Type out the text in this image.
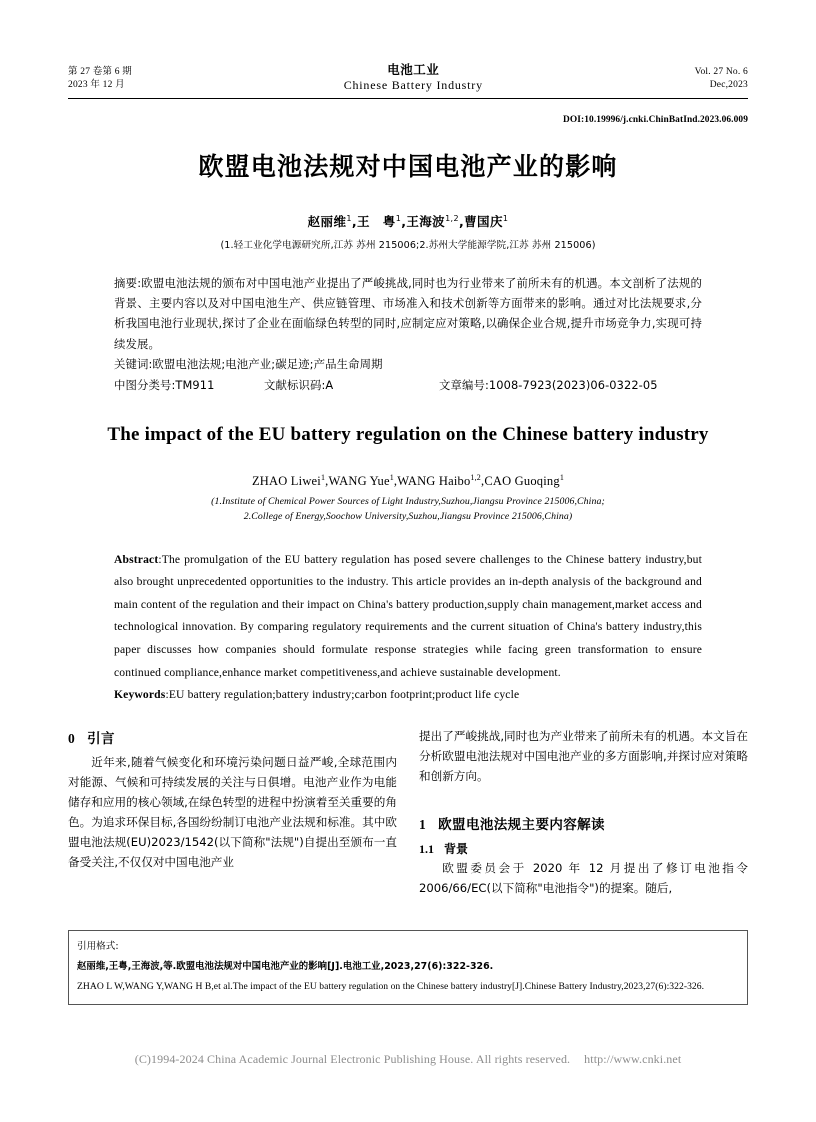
第 27 卷第 6 期
2023 年 12 月
电池工业
Chinese Battery Industry
Vol. 27 No. 6
Dec,2023
DOI:10.19996/j.cnki.ChinBatInd.2023.06.009
欧盟电池法规对中国电池产业的影响
赵丽维$^1$,王　粤$^1$,王海波$^{1,2}$,曹国庆$^1$
(1.轻工业化学电源研究所,江苏 苏州 215006;2.苏州大学能源学院,江苏 苏州 215006)

摘要:欧盟电池法规的颁布对中国电池产业提出了严峻挑战,同时也为行业带来了前所未有的机遇。本文剖析了法规的背景、主要内容以及对中国电池生产、供应链管理、市场准入和技术创新等方面带来的影响。通过对比法规要求,分析我国电池行业现状,探讨了企业在面临绿色转型的同时,应制定应对策略,以确保企业合规,提升市场竞争力,实现可持续发展。

关键词:欧盟电池法规;电池产业;碳足迹;产品生命周期

中图分类号:TM911	文献标识码:A	文章编号:1008-7923(2023)06-0322-05
The impact of the EU battery regulation on the Chinese battery industry
ZHAO Liwei$^1$,WANG Yue$^1$,WANG Haibo$^{1,2}$,CAO Guoqing$^1$
(1.Institute of Chemical Power Sources of Light Industry,Suzhou,Jiangsu Province 215006,China;
2.College of Energy,Soochow University,Suzhou,Jiangsu Province 215006,China)

Abstract:The promulgation of the EU battery regulation has posed severe challenges to the Chinese battery industry,but also brought unprecedented opportunities to the industry. This article provides an in-depth analysis of the background and main content of the regulation and their impact on China's battery production,supply chain management,market access and technological innovation. By comparing regulatory requirements and the current situation of China's battery industry,this paper discusses how companies should formulate response strategies while facing green transformation to ensure continued compliance,enhance market competitiveness,and achieve sustainable development.

Keywords:EU battery regulation;battery industry;carbon footprint;product life cycle

0 引言

近年来,随着气候变化和环境污染问题日益严峻,全球范围内对能源、气候和可持续发展的关注与日俱增。电池产业作为电能储存和应用的核心领域,在绿色转型的进程中扮演着至关重要的角色。为追求环保目标,各国纷纷制订电池产业法规和标准。其中欧盟电池法规(EU)2023/1542(以下简称"法规")自提出至颁布一直备受关注,不仅仅对中国电池产业

提出了严峻挑战,同时也为产业带来了前所未有的机遇。本文旨在分析欧盟电池法规对中国电池产业的多方面影响,并探讨应对策略和创新方向。

1 欧盟电池法规主要内容解读
1.1 背景

欧盟委员会于 2020 年 12 月提出了修订电池指令 2006/66/EC(以下简称"电池指令")的提案。随后,

引用格式:
赵丽维,王粤,王海波,等.欧盟电池法规对中国电池产业的影响[J].电池工业,2023,27(6):322-326.
ZHAO L W,WANG Y,WANG H B,et al.The impact of the EU battery regulation on the Chinese battery industry[J].Chinese Battery Industry,2023,27(6):322-326.
(C)1994-2024 China Academic Journal Electronic Publishing House. All rights reserved. http://www.cnki.net
